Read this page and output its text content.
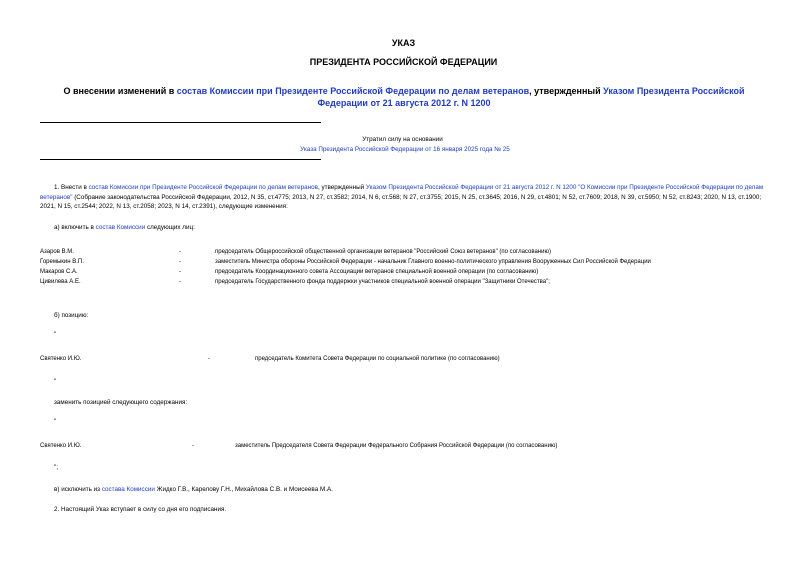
УКАЗ
ПРЕЗИДЕНТА РОССИЙСКОЙ ФЕДЕРАЦИИ
О внесении изменений в состав Комиссии при Президенте Российской Федерации по делам ветеранов, утвержденный Указом Президента Российской Федерации от 21 августа 2012 г. N 1200
Утратил силу на основании
Указа Президента Российской Федерации от 16 января 2025 года № 25
1. Внести в состав Комиссии при Президенте Российской Федерации по делам ветеранов, утвержденный Указом Президента Российской Федерации от 21 августа 2012 г. N 1200 "О Комиссии при Президенте Российской Федерации по делам ветеранов" (Собрание законодательства Российской Федерации, 2012, N 35, ст.4775; 2013, N 27, ст.3582; 2014, N 6, ст.568; N 27, ст.3755; 2015, N 25, ст.3645; 2016, N 29, ст.4801; N 52, ст.7609; 2018, N 39, ст.5950; N 52, ст.8243; 2020, N 13, ст.1900; 2021, N 15, ст.2544; 2022, N 13, ст.2058; 2023, N 14, ст.2391), следующие изменения:
а) включить в состав Комиссии следующих лиц:
Азаров В.М.	-	председатель Общероссийской общественной организации ветеранов "Российский Союз ветеранов" (по согласованию)
Горемыкин В.П.	-	заместитель Министра обороны Российской Федерации - начальник Главного военно-политического управления Вооруженных Сил Российской Федерации
Макаров С.А.	-	председатель Координационного совета Ассоциации ветеранов специальной военной операции (по согласованию)
Цивилева А.Е.	-	председатель Государственного фонда поддержки участников специальной военной операции "Защитники Отечества";
б) позицию:
"
Святенко И.Ю.	-	председатель Комитета Совета Федерации по социальной политике (по согласованию)
"
заменить позицией следующего содержания:
"
Святенко И.Ю.	-	заместитель Председателя Совета Федерации Федерального Собрания Российской Федерации (по согласованию)
";
в) исключить из состава Комиссии Жидко Г.В., Карелову Г.Н., Михайлова С.В. и Моисеева М.А.
2. Настоящий Указ вступает в силу со дня его подписания.
